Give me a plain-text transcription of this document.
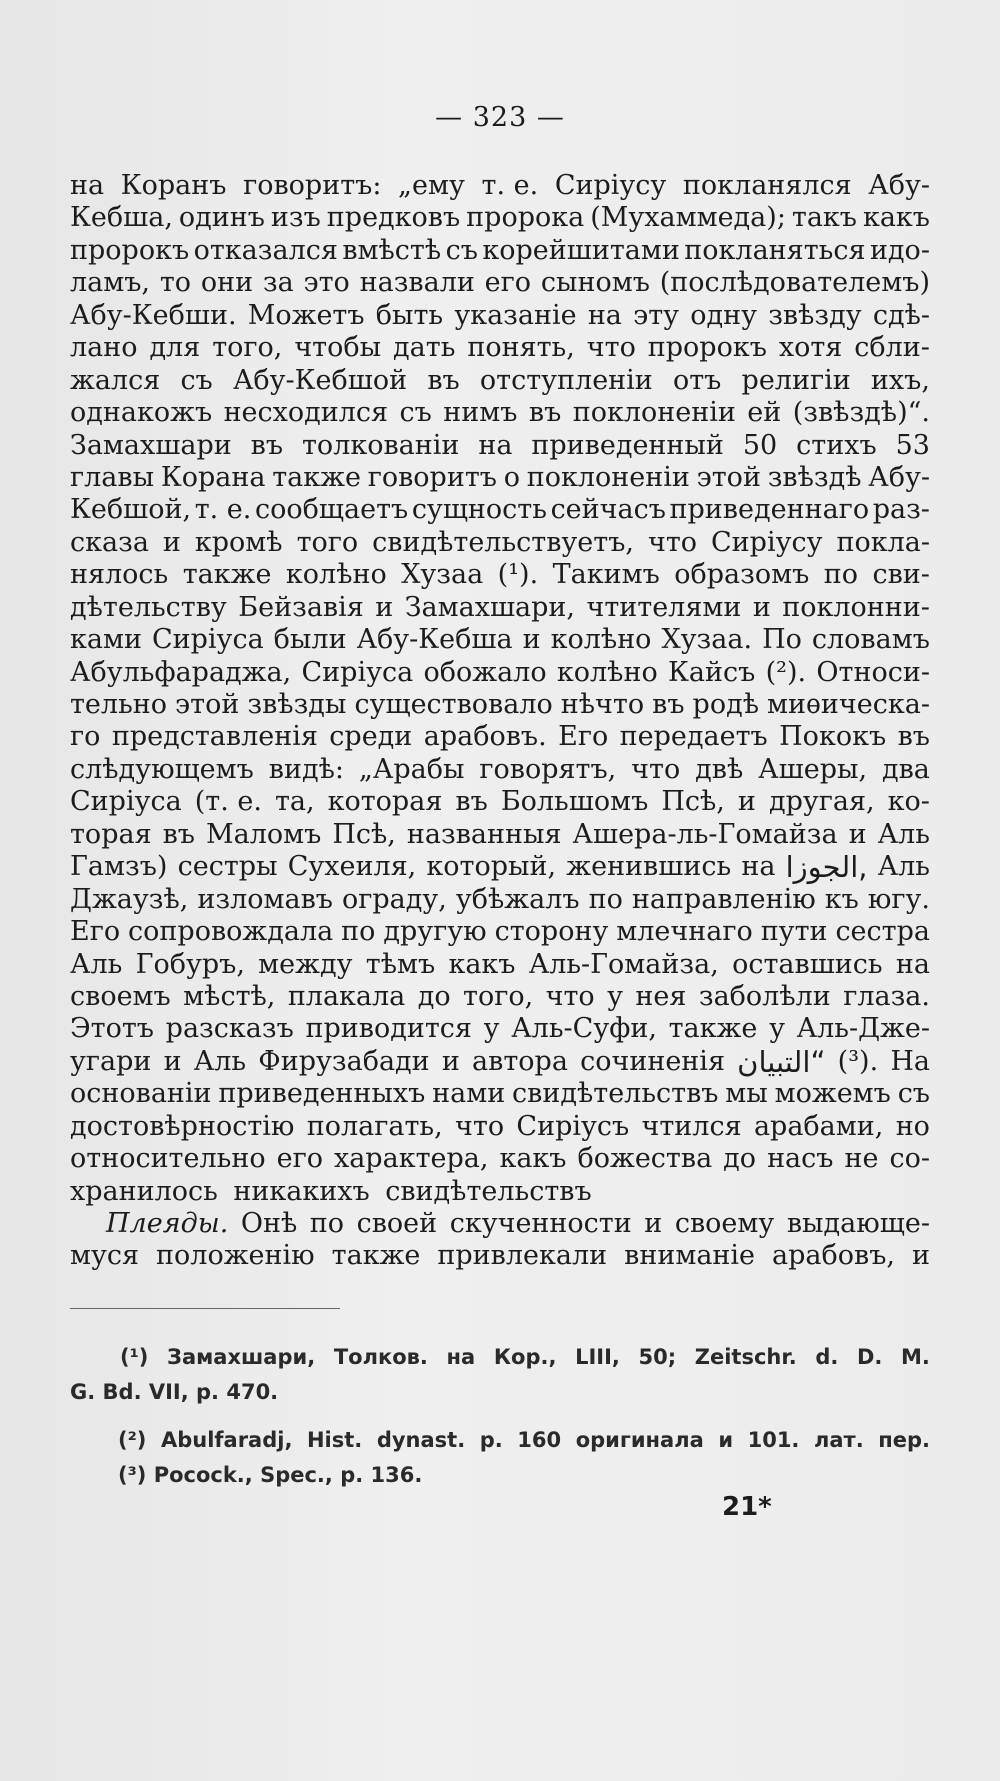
— 323 —
на Коранъ говоритъ: „ему т. е. Сиріусу покланялся Абу-
Кебша, одинъ изъ предковъ пророка (Мухаммеда); такъ какъ
пророкъ отказался вмѣстѣ съ корейшитами покланяться идо-
ламъ, то они за это назвали его сыномъ (послѣдователемъ)
Абу-Кебши. Можетъ быть указаніе на эту одну звѣзду сдѣ-
лано для того, чтобы дать понять, что пророкъ хотя сбли-
жался съ Абу-Кебшой въ отступленіи отъ религіи ихъ,
однакожъ несходился съ нимъ въ поклоненіи ей (звѣздѣ)“.
Замахшари въ толкованіи на приведенный 50 стихъ 53
главы Корана также говоритъ о поклоненіи этой звѣздѣ Абу-
Кебшой, т. е. сообщаетъ сущность сейчасъ приведеннаго раз-
сказа и кромѣ того свидѣтельствуетъ, что Сиріусу покла-
нялось также колѣно Хузаа (¹). Такимъ образомъ по сви-
дѣтельству Бейзавія и Замахшари, чтителями и поклонни-
ками Сиріуса были Абу-Кебша и колѣно Хузаа. По словамъ
Абульфараджа, Сиріуса обожало колѣно Кайсъ (²). Относи-
тельно этой звѣзды существовало нѣчто въ родѣ миѳическа-
го представленія среди арабовъ. Его передаетъ Пококъ въ
слѣдующемъ видѣ: „Арабы говорятъ, что двѣ Ашеры, два
Сиріуса (т. е. та, которая въ Большомъ Псѣ, и другая, ко-
торая въ Маломъ Псѣ, названныя Ашера-ль-Гомайза и Аль
Гамзъ) сестры Сухеиля, который, женившись на الجوزا, Аль
Джаузѣ, изломавъ ограду, убѣжалъ по направленію къ югу.
Его сопровождала по другую сторону млечнаго пути сестра
Аль Гобуръ, между тѣмъ какъ Аль-Гомайза, оставшись на
своемъ мѣстѣ, плакала до того, что у нея заболѣли глаза.
Этотъ разсказъ приводится у Аль-Суфи, также у Аль-Дже-
угари и Аль Фирузабади и автора сочиненія التبيان“ (³). На
основаніи приведенныхъ нами свидѣтельствъ мы можемъ съ
достовѣрностію полагать, что Сиріусъ чтился арабами, но
относительно его характера, какъ божества до насъ не со-
хранилось никакихъ свидѣтельствъ
Плеяды. Онѣ по своей скученности и своему выдающе-
муся положенію также привлекали вниманіе арабовъ, и
(¹) Замахшари, Толков. на Кор., LIII, 50; Zeitschr. d. D. M.
G. Bd. VII, p. 470.
(²) Abulfaradj, Hist. dynast. p. 160 оригинала и 101. лат. пер.
(³) Pocock., Spec., p. 136.
21*
